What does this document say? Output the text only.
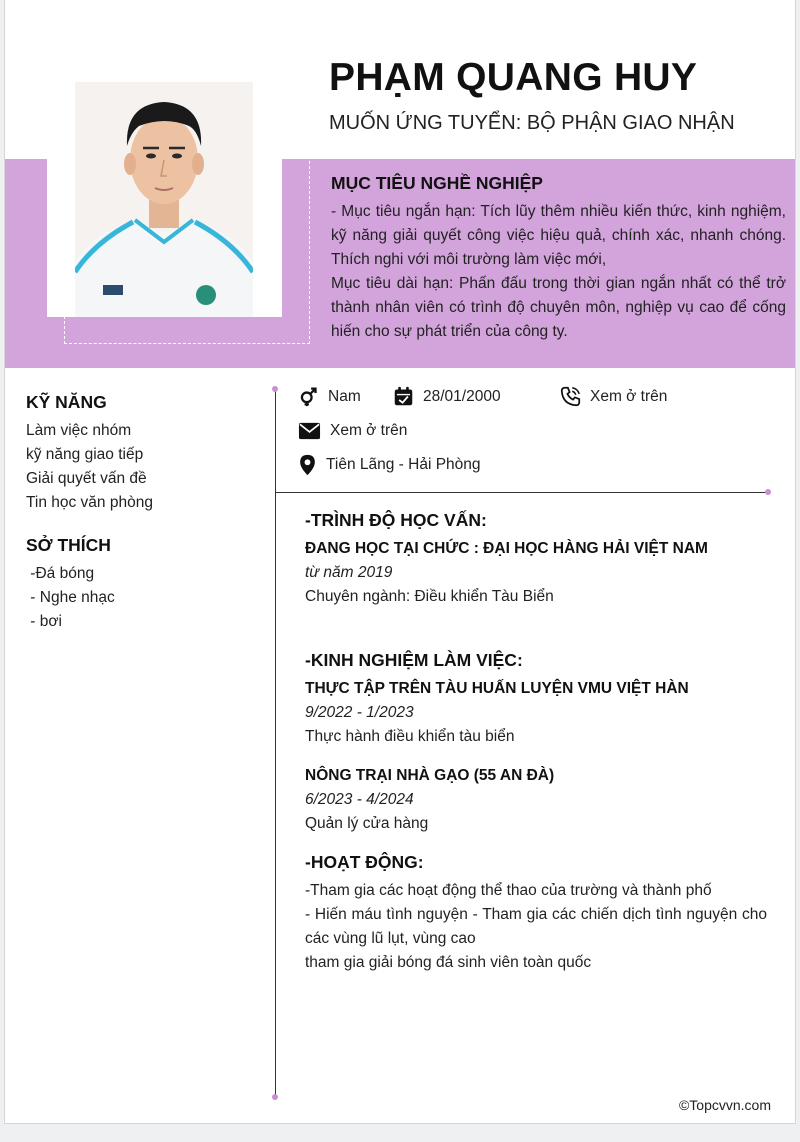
PHẠM QUANG HUY
MUỐN ỨNG TUYỂN: BỘ PHẬN GIAO NHẬN
MỤC TIÊU NGHỀ NGHIỆP

- Mục tiêu ngắn hạn: Tích lũy thêm nhiều kiến thức, kinh nghiệm, kỹ năng giải quyết công việc hiệu quả, chính xác, nhanh chóng. Thích nghi với môi trường làm việc mới,

Mục tiêu dài hạn: Phấn đấu trong thời gian ngắn nhất có thể trở thành nhân viên có trình độ chuyên môn, nghiệp vụ cao để cống hiến cho sự phát triển của công ty.

KỸ NĂNG
Làm việc nhóm
kỹ năng giao tiếp
Giải quyết vấn đề
Tin học văn phòng
SỞ THÍCH
-Đá bóng
- Nghe nhạc
- bơi
Nam	28/01/2000	Xem ở trên
Xem ở trên
Tiên Lãng - Hải Phòng
-TRÌNH ĐỘ HỌC VẤN:
ĐANG HỌC TẠI CHỨC : ĐẠI HỌC HÀNG HẢI VIỆT NAM
từ năm 2019
Chuyên ngành: Điều khiển Tàu Biển
-KINH NGHIỆM LÀM VIỆC:
THỰC TẬP TRÊN TÀU HUẤN LUYỆN VMU VIỆT HÀN
9/2022 - 1/2023
Thực hành điều khiển tàu biển
NÔNG TRẠI NHÀ GẠO (55 AN ĐÀ)
6/2023 - 4/2024
Quản lý cửa hàng
-HOẠT ĐỘNG:
-Tham gia các hoạt động thể thao của trường và thành phố
- Hiến máu tình nguyện - Tham gia các chiến dịch tình nguyện cho các vùng lũ lụt, vùng cao
tham gia giải bóng đá sinh viên toàn quốc
©Topcvvn.com
